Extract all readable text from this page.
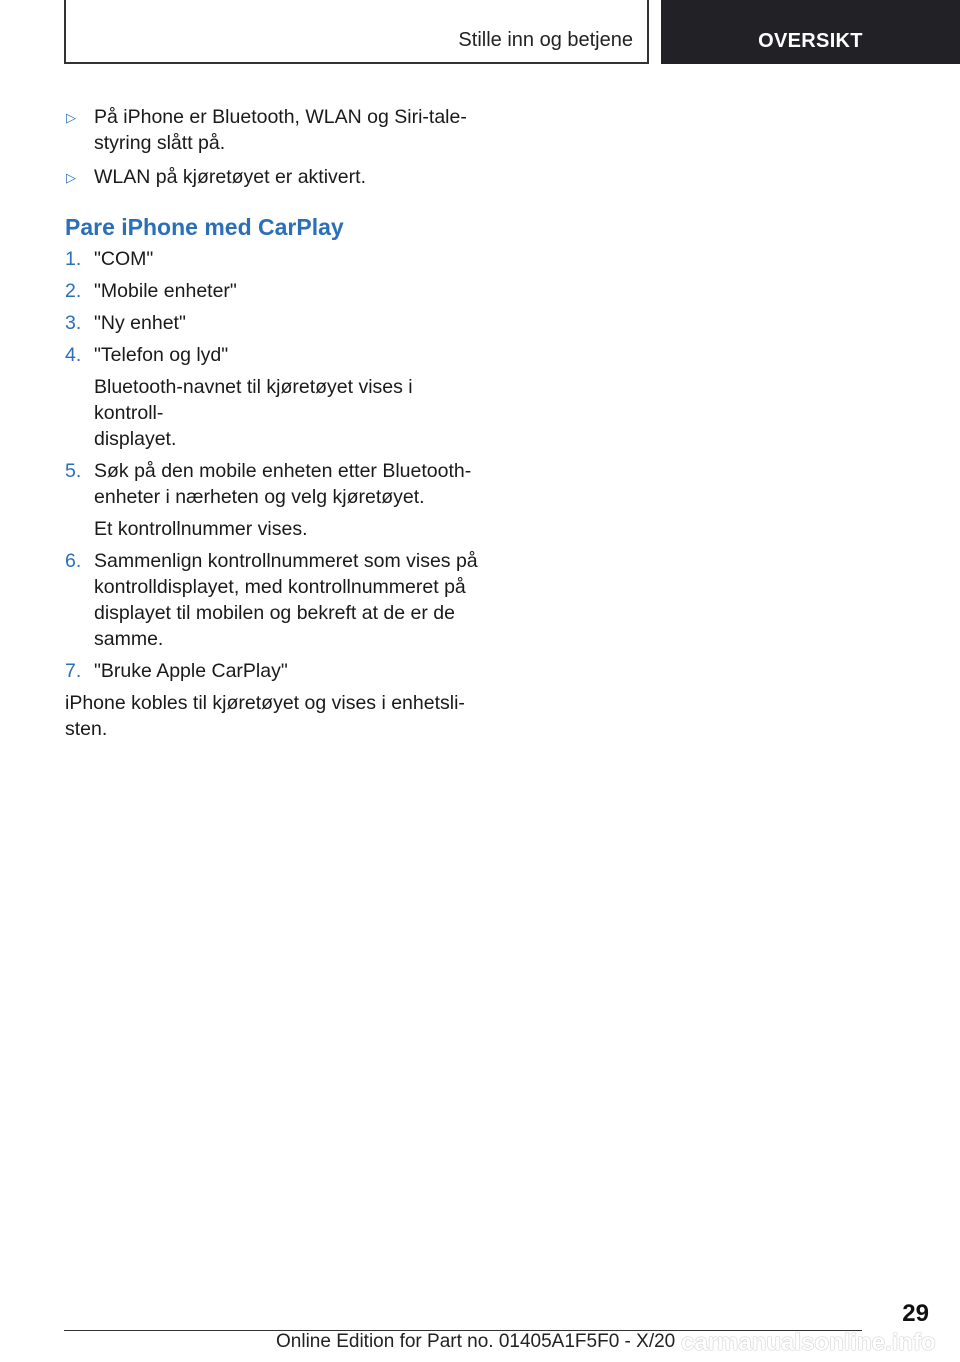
Stille inn og betjene	OVERSIKT
▷ På iPhone er Bluetooth, WLAN og Siri-tale-
styring slått på.
▷ WLAN på kjøretøyet er aktivert.
Pare iPhone med CarPlay
1. "COM"
2. "Mobile enheter"
3. "Ny enhet"
4. "Telefon og lyd"
Bluetooth-navnet til kjøretøyet vises i kontroll-
displayet.
5. Søk på den mobile enheten etter Bluetooth-
enheter i nærheten og velg kjøretøyet.
Et kontrollnummer vises.
6. Sammenlign kontrollnummeret som vises på
kontrolldisplayet, med kontrollnummeret på
displayet til mobilen og bekreft at de er de
samme.
7. "Bruke Apple CarPlay"
iPhone kobles til kjøretøyet og vises i enhetsli-
sten.
29
Online Edition for Part no. 01405A1F5F0 - X/20 carmanualsonline.info
